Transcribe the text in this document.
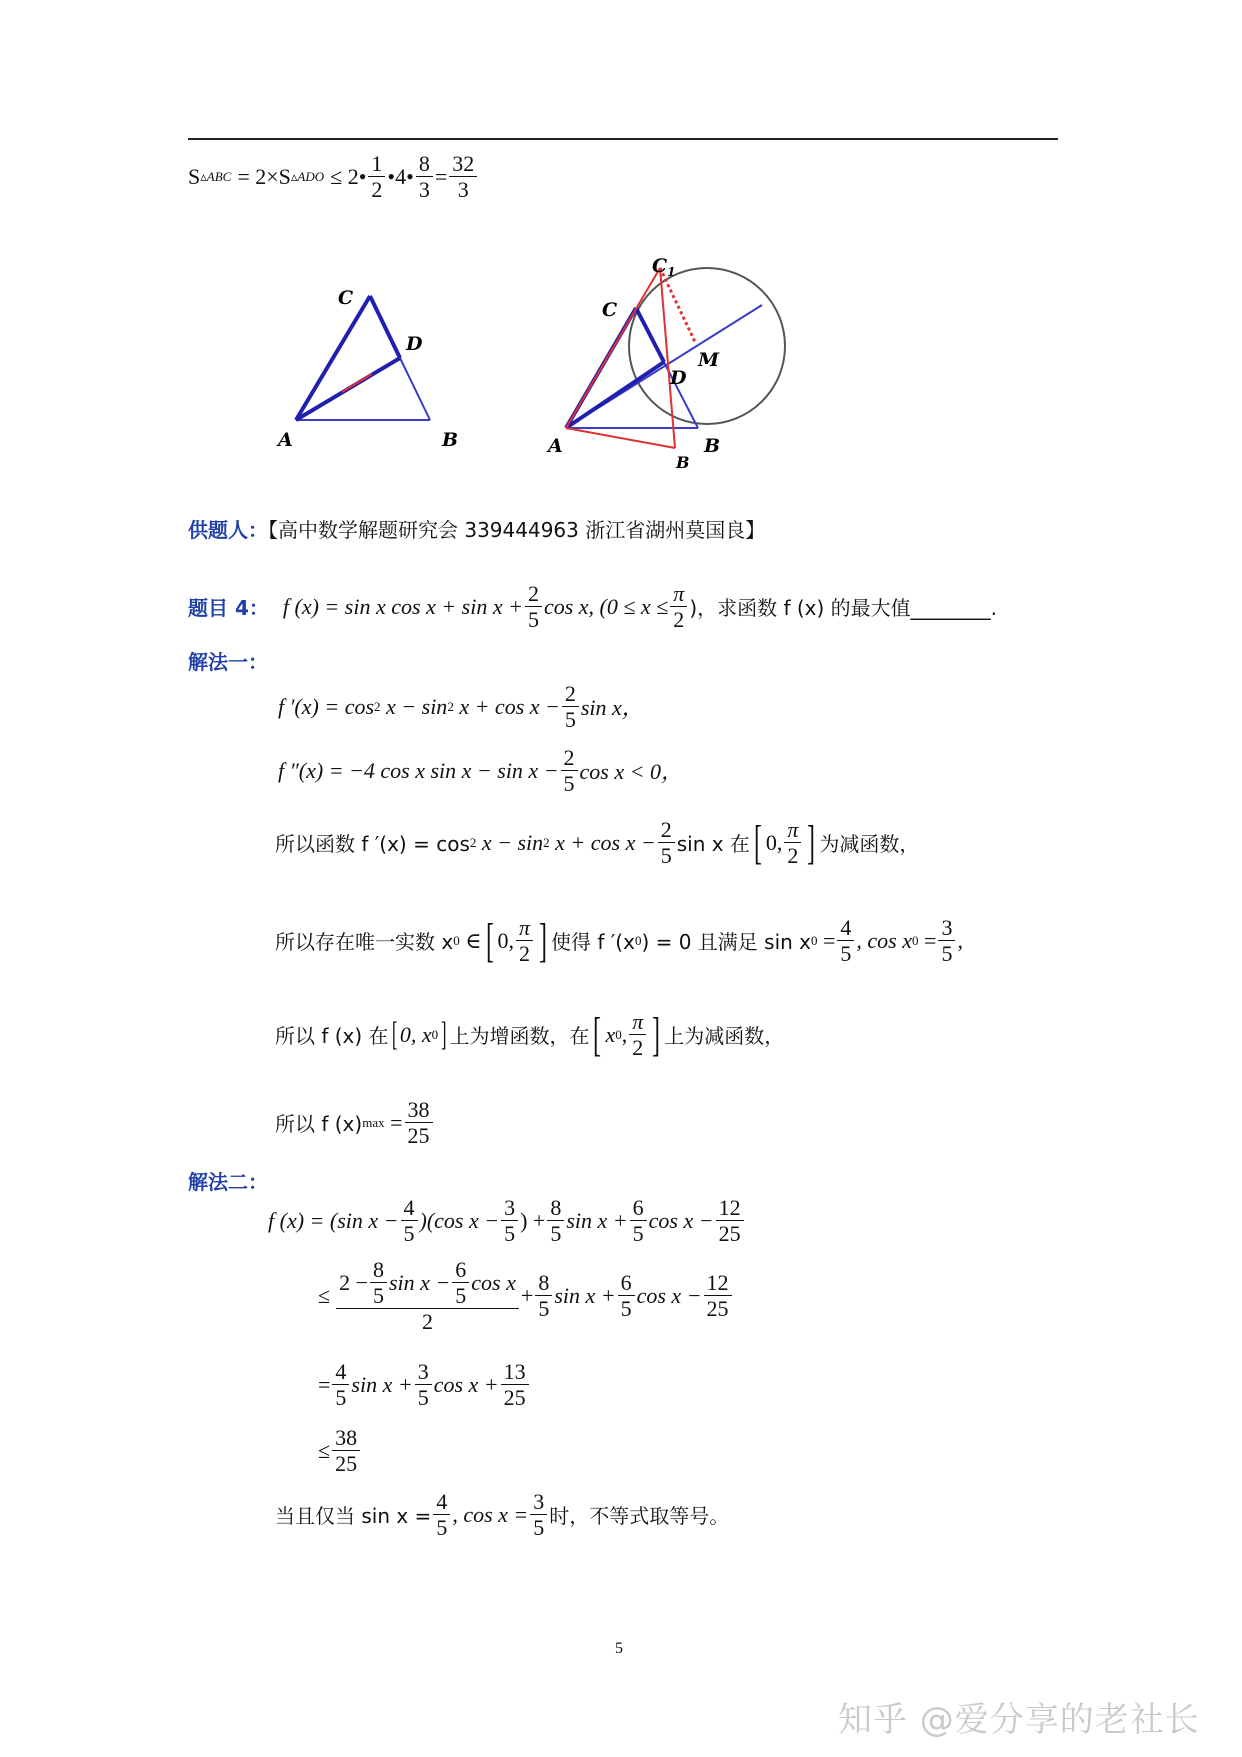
S ▵ABC = 2×S ▵ADO ≤ 2• $\frac{1}{2}$ •4• $\frac{8}{3} = \frac{32}{3}$
C
D
A	B
$C_1$
C
M
D
A	B
B
供题人：【高中数学解题研究会 339444963 浙江省湖州莫国良】
题目 4： f (x) = sin x $\cos x + \sin x + \frac{2}{5}$ cos x, ($0 \le x \le \frac{\pi}{2}$ )，求函数 f (x) 的最大值________.
解法一：
f ′(x) = cos 2 x − sin 2 $x + \cos x - \frac{2}{5}$ sin x，
f ″(x) = −4 cos x $\sin x - \sin x - \frac{2}{5}$ cos x < 0，
所以函数 f ′(x) = cos 2 x − sin 2 $x + \cos x - \frac{2}{5}$ sin x 在 [ 0, $\frac{\pi}{2}$ ] 为减函数，
所以存在唯一实数 x 0 ∈ [ 0, $\frac{\pi}{2}$ ] 使得 f ′(x 0 ) = 0 且满足 sin x $0 = \frac{4}{5}$ , cos x $0 = \frac{3}{5}$ ,
所以 f (x) 在 [ 0, x 0 ] 上为增函数，在 [ x 0 , $\frac{\pi}{2}$ ] 上为减函数，
所以 f (x) $\max = \frac{38}{25}$
解法二：
f (x) = (sin $x - \frac{4}{5} )(\cos$ $x - \frac{3}{5}$ ) + $\frac{8}{5}$ $\sin x + \frac{6}{5}$ $\cos x - \frac{12}{25}$
≤ $\frac{2 - \frac{8}{5} \sin x - \frac{6}{5} \cos x}{2} + \frac{8}{5}$ $\sin x + \frac{6}{5}$ $\cos x - \frac{12}{25}$
= $\frac{4}{5}$ $\sin x + \frac{3}{5}$ $\cos x + \frac{13}{25}$
≤ $\frac{38}{25}$
当且仅当 $\sin x = \frac{4}{5}$ , $\cos x = \frac{3}{5}$ 时，不等式取等号。
5
知乎 @爱分享的老社长
